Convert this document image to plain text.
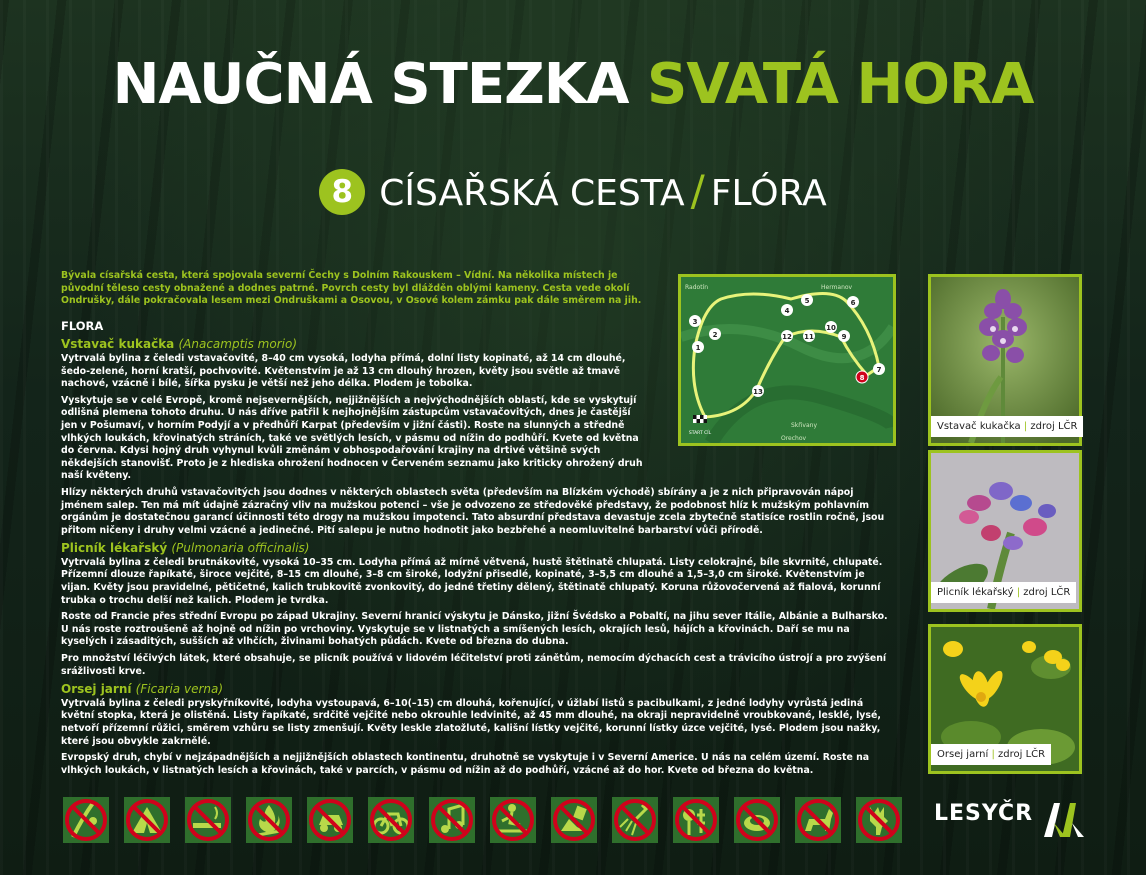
NAUČNÁ STEZKA SVATÁ HORA
8 CÍSAŘSKÁ CESTA / FLÓRA

Bývala císařská cesta, která spojovala severní Čechy s Dolním Rakouskem – Vídní. Na několika místech je původní těleso cesty obnažené a dodnes patrné. Povrch cesty byl dlážděn oblými kameny. Cesta vede okolí Ondrušky, dále pokračovala lesem mezi Ondruškami a Osovou, v Osové kolem zámku pak dále směrem na jih.

FLORA
Vstavač kukačka (Anacamptis morio)

Vytrvalá bylina z čeledi vstavačovité, 8–40 cm vysoká, lodyha přímá, dolní listy kopinaté, až 14 cm dlouhé, šedo-zelené, horní kratší, pochvovité. Květenstvím je až 13 cm dlouhý hrozen, květy jsou světle až tmavě nachové, vzácně i bílé, šířka pysku je větší než jeho délka. Plodem je tobolka.

Vyskytuje se v celé Evropě, kromě nejseverněJších, nejjižnějších a nejvýchodnějších oblastí, kde se vyskytují odlišná plemena tohoto druhu. U nás dříve patřil k nejhojnějším zástupcům vstavačovitých, dnes je častější jen v Pošumaví, v horním Podyjí a v předhůří Karpat (především v jižní části). Roste na slunných a středně vlhkých loukách, křovinatých stráních, také ve světlých lesích, v pásmu od nížin do podhůří. Kvete od května do června. Kdysi hojný druh vyhynul kvůli změnám v obhospodařování krajiny na drtivé většině svých někdejších stanovišť. Proto je z hlediska ohrožení hodnocen v Červeném seznamu jako kriticky ohrožený druh naší květeny.

Hlízy některých druhů vstavačovitých jsou dodnes v některých oblastech světa (především na Blízkém východě) sbírány a je z nich připravován nápoj jménem salep. Ten má mít údajně zázračný vliv na mužskou potenci – vše je odvozeno ze středověké představy, že podobnost hlíz k mužským pohlavním orgánům je dostatečnou garancí účinnosti této drogy na mužskou impotenci. Tato absurdní představa devastuje zcela zbytečně statisíce rostlin ročně, jsou přitom ničeny i druhy velmi vzácné a jedinečné. Pití salepu je nutno hodnotit jako bezbřehé a neomluvitelné barbarství vůči přírodě.

Plicník lékařský (Pulmonaria officinalis)

Vytrvalá bylina z čeledi brutnákovité, vysoká 10–35 cm. Lodyha přímá až mírně větvená, hustě štětinatě chlupatá. Listy celokrajné, bíle skvrnité, chlupaté. Přízemní dlouze řapíkaté, široce vejčité, 8–15 cm dlouhé, 3–8 cm široké, lodyžní přisedlé, kopinaté, 3–5,5 cm dlouhé a 1,5–3,0 cm široké. Květenstvím je vijan. Květy jsou pravidelné, pětičetné, kalich trubkovitě zvonkovitý, do jedné třetiny dělený, štětinatě chlupatý. Koruna růžovočervená až fialová, korunní trubka o trochu delší než kalich. Plodem je tvrdka.

Roste od Francie přes střední Evropu po západ Ukrajiny. Severní hranicí výskytu je Dánsko, jižní Švédsko a Pobaltí, na jihu sever Itálie, Albánie a Bulharsko. U nás roste roztroušeně až hojně od nížin po vrchoviny. Vyskytuje se v listnatých a smíšených lesích, okrajích lesů, hájích a křovinách. Daří se mu na kyselých i zásaditých, sušších až vlhčích, živinami bohatých půdách. Kvete od března do dubna.

Pro množství léčivých látek, které obsahuje, se plicník používá v lidovém léčitelství proti zánětům, nemocím dýchacích cest a trávicího ústrojí a pro zvýšení srážlivosti krve.

Orsej jarní (Ficaria verna)

Vytrvalá bylina z čeledi pryskyřníkovité, lodyha vystoupavá, 6–10(–15) cm dlouhá, kořenující, v úžlabí listů s pacibulkami, z jedné lodyhy vyrůstá jediná květní stopka, která je olistěná. Listy řapíkaté, srdčitě vejčité nebo okrouhle ledvinité, až 45 mm dlouhé, na okraji nepravidelně vroubkované, lesklé, lysé, netvoří přízemní růžici, směrem vzhůru se listy zmenšují. Květy leskle zlatožluté, kališní lístky vejčité, korunní lístky úzce vejčité, lysé. Plodem jsou nažky, které jsou obvykle zakrnělé.

Evropský druh, chybí v nejzápadnějších a nejjižnějších oblastech kontinentu, druhotně se vyskytuje i v Severní Americe. U nás na celém území. Roste na vlhkých loukách, v listnatých lesích a křovinách, také v parcích, v pásmu od nížin až do podhůří, vzácné až do hor. Kvete od března do května.

Radotín	Hermanov
Skřivany
Orechov
1
2
3
4
5	6
7
8
9
10
11
12
13
START CÍL
Vstavač kukačka | zdroj LČR
Plicník lékařský | zdroj LČR
Orsej jarní | zdroj LČR
LESYČR
